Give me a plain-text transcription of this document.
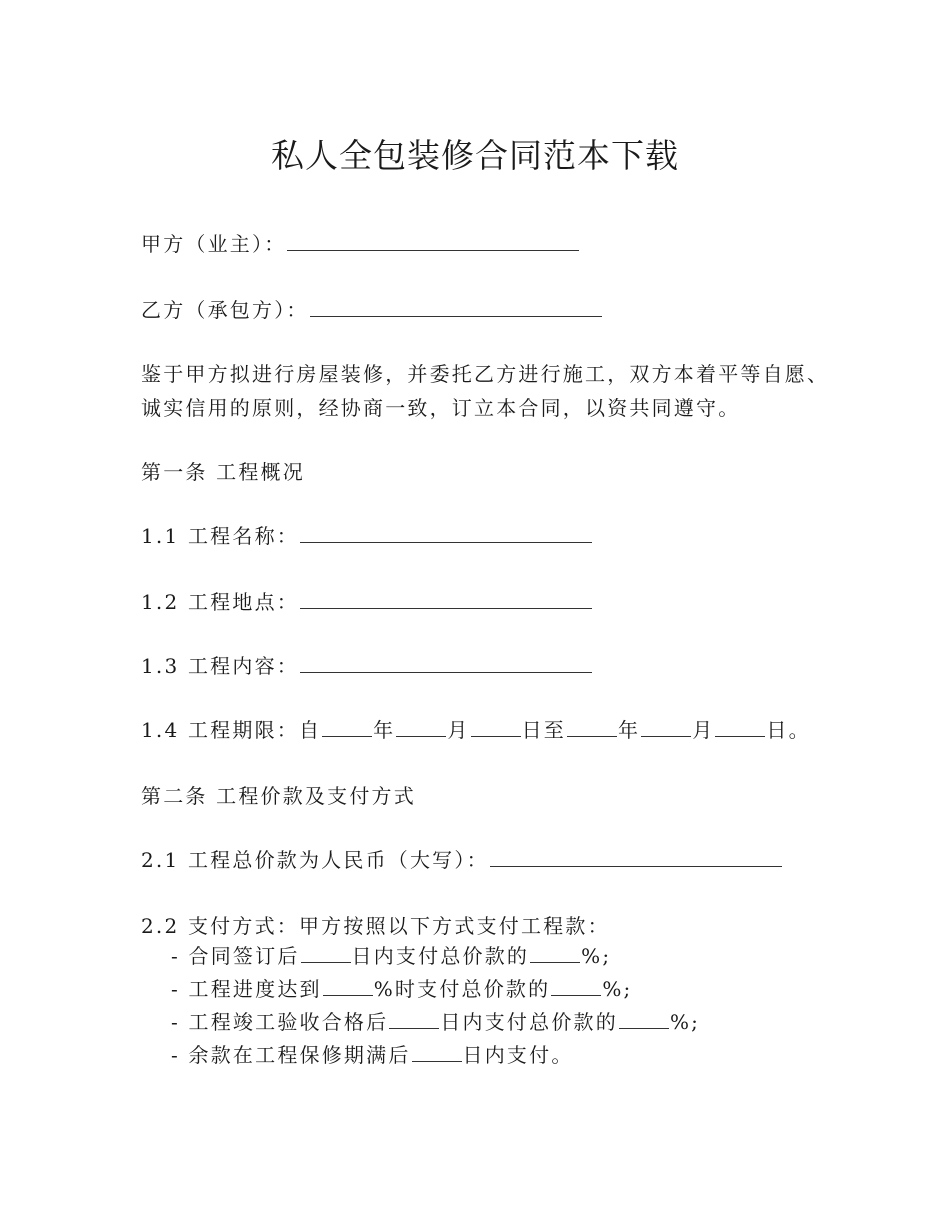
私人全包装修合同范本下载
甲方（业主）：
乙方（承包方）：
鉴于甲方拟进行房屋装修，并委托乙方进行施工，双方本着平等自愿、
诚实信用的原则，经协商一致，订立本合同，以资共同遵守。
第一条 工程概况
1.1 工程名称：
1.2 工程地点：
1.3 工程内容：
1.4 工程期限：自	年	月	日至	年	月	日。
第二条 工程价款及支付方式
2.1 工程总价款为人民币（大写）：
2.2 支付方式：甲方按照以下方式支付工程款：
- 合同签订后	日内支付总价款的	%;
- 工程进度达到	%时支付总价款的	%;
- 工程竣工验收合格后	日内支付总价款的	%;
- 余款在工程保修期满后	日内支付。
